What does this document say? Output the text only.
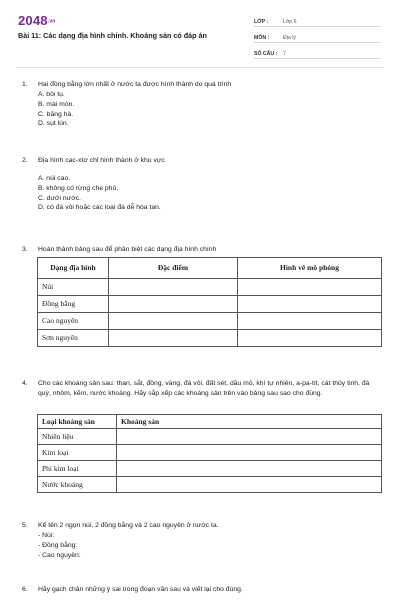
2048.vn
Bài 11: Các dạng địa hình chính. Khoáng sản có đáp án
LỚP :	Lớp 6
MÔN :	Địa lý
SỐ CÂU :	7
1.	Hai đồng bằng lớn nhất ở nước ta được hình thành do quá trình
A. bồi tụ.
B. mài mòn.
C. băng hà.
D. sụt lún.
2.	Địa hình cac-xtơ chỉ hình thành ở khu vực
A. núi cao.
B. không có rừng che phủ.
C. dưới nước.
D. có đá vôi hoặc các loại đá dễ hòa tan.
3.	Hoàn thành bảng sau để phân biệt các dạng địa hình chính
Dạng địa hình	Đặc điểm	Hình vẽ mô phỏng
Núi		
Đồng bằng		
Cao nguyên		
Sơn nguyên		
4.	Cho các khoáng sản sau: than, sắt, đồng, vàng, đá vôi, đất sét, dầu mỏ, khí tự nhiên, a-pa-tít, cát thủy tinh, đá quý, nhôm, kẽm, nước khoáng. Hãy sắp xếp các khoáng sản trên vào bảng sau sao cho đúng.
Loại khoáng sản	Khoáng sản
Nhiên liệu	
Kim loại	
Phi kim loại	
Nước khoáng	
5.	Kể tên 2 ngọn núi, 2 đồng bằng và 2 cao nguyên ở nước ta.
- Núi:
- Đồng bằng:
- Cao nguyên:
6.	Hãy gạch chân những ý sai trong đoạn văn sau và viết lại cho đúng.
